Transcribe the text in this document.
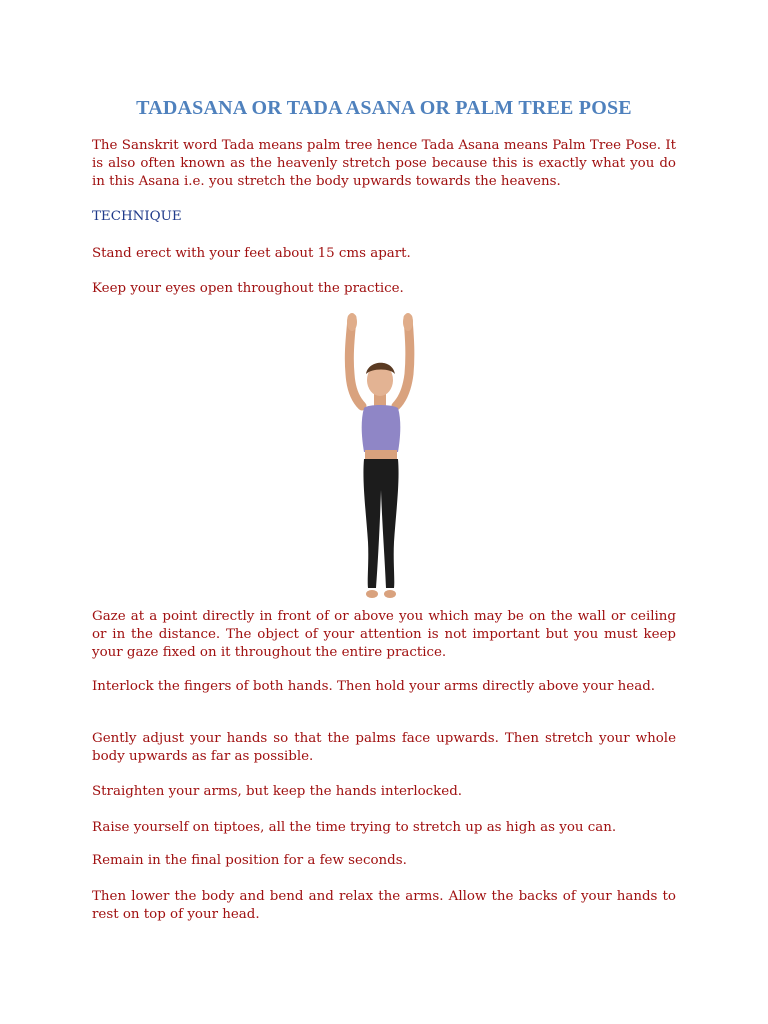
TADASANA OR TADA ASANA OR PALM TREE POSE

The Sanskrit word Tada means palm tree hence Tada Asana means Palm Tree Pose. It is also often known as the heavenly stretch pose because this is exactly what you do in this Asana i.e. you stretch the body upwards towards the heavens.

TECHNIQUE

Stand erect with your feet about 15 cms apart.

Keep your eyes open throughout the practice.

Gaze at a point directly in front of or above you which may be on the wall or ceiling or in the distance. The object of your attention is not important but you must keep your gaze fixed on it throughout the entire practice.

Interlock the fingers of both hands. Then hold your arms directly above your head.

Gently adjust your hands so that the palms face upwards. Then stretch your whole body upwards as far as possible.

Straighten your arms, but keep the hands interlocked.

Raise yourself on tiptoes, all the time trying to stretch up as high as you can.

Remain in the final position for a few seconds.

Then lower the body and bend and relax the arms. Allow the backs of your hands to rest on top of your head.
